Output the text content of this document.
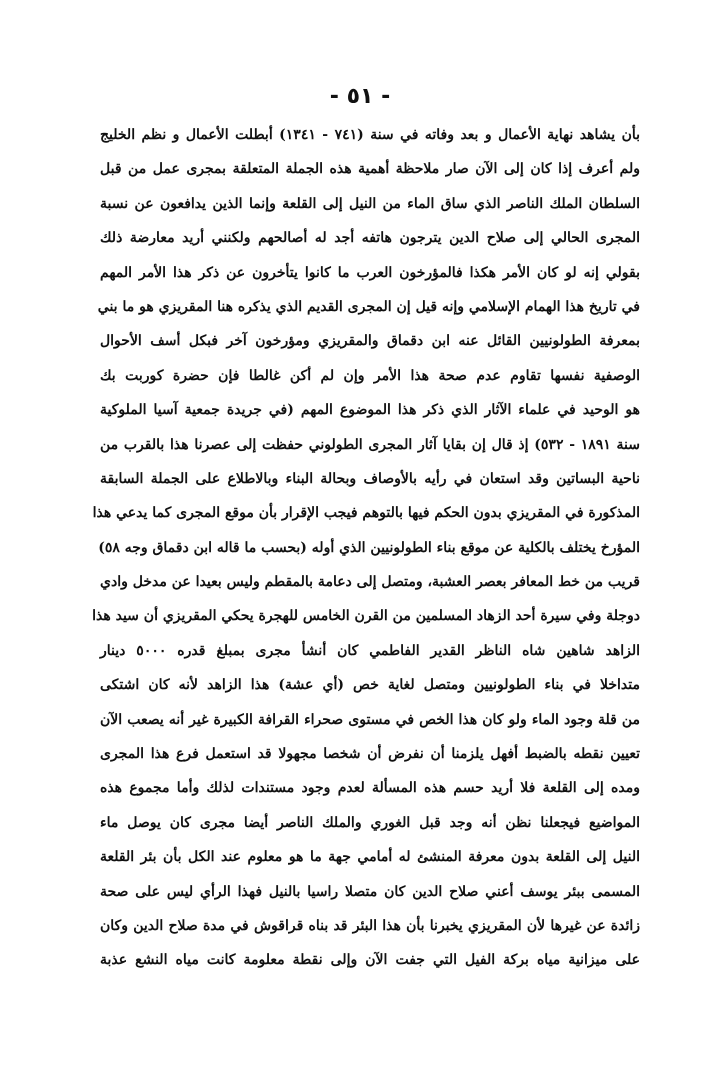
- ٥١ -
بأن يشاهد نهاية الأعمال و بعد وفاته في سنة (٧٤١ - ١٣٤١) أبطلت الأعمال و نظم الخليج
ولم أعرف إذا كان إلى الآن صار ملاحظة أهمية هذه الجملة المتعلقة بمجرى عمل من قبل
السلطان الملك الناصر الذي ساق الماء من النيل إلى القلعة وإنما الذين يدافعون عن نسبة
المجرى الحالي إلى صلاح الدين يترجون هاتفه أجد له أصالحهم ولكنني أريد معارضة ذلك
بقولي إنه لو كان الأمر هكذا فالمؤرخون العرب ما كانوا يتأخرون عن ذكر هذا الأمر المهم
في تاريخ هذا الهمام الإسلامي وإنه قيل إن المجرى القديم الذي يذكره هنا المقريزي هو ما بني
بمعرفة الطولونيين القائل عنه ابن دقماق والمقريزي ومؤرخون آخر فبكل أسف الأحوال
الوصفية نفسها تقاوم عدم صحة هذا الأمر وإن لم أكن غالطا فإن حضرة كوربت بك
هو الوحيد في علماء الآثار الذي ذكر هذا الموضوع المهم (في جريدة جمعية آسيا الملوكية
سنة ١٨٩١ - ٥٣٢) إذ قال إن بقايا آثار المجرى الطولوني حفظت إلى عصرنا هذا بالقرب من
ناحية البساتين وقد استعان في رأيه بالأوصاف وبحالة البناء وبالاطلاع على الجملة السابقة
المذكورة في المقريزي بدون الحكم فيها بالتوهم فيجب الإقرار بأن موقع المجرى كما يدعي هذا
المؤرخ يختلف بالكلية عن موقع بناء الطولونيين الذي أوله (بحسب ما قاله ابن دقماق وجه ٥٨)
قريب من خط المعافر بعصر العشبة، ومتصل إلى دعامة بالمقطم وليس بعيدا عن مدخل وادي
دوجلة وفي سيرة أحد الزهاد المسلمين من القرن الخامس للهجرة يحكي المقريزي أن سيد هذا
الزاهد شاهين شاه الناظر القدير الفاطمي كان أنشأ مجرى بمبلغ قدره ٥٠٠٠ دينار
متداخلا في بناء الطولونيين ومتصل لغاية خص (أي عشة) هذا الزاهد لأنه كان اشتكى
من قلة وجود الماء ولو كان هذا الخص في مستوى صحراء القرافة الكبيرة غير أنه يصعب الآن
تعيين نقطه بالضبط أفهل يلزمنا أن نفرض أن شخصا مجهولا قد استعمل فرع هذا المجرى
ومده إلى القلعة فلا أريد حسم هذه المسألة لعدم وجود مستندات لذلك وأما مجموع هذه
المواضيع فيجعلنا نظن أنه وجد قبل الغوري والملك الناصر أيضا مجرى كان يوصل ماء
النيل إلى القلعة بدون معرفة المنشئ له أمامي جهة ما هو معلوم عند الكل بأن بئر القلعة
المسمى ببئر يوسف أعني صلاح الدين كان متصلا راسيا بالنيل فهذا الرأي ليس على صحة
زائدة عن غيرها لأن المقريزي يخبرنا بأن هذا البئر قد بناه قراقوش في مدة صلاح الدين وكان
على ميزانية مياه بركة الفيل التي جفت الآن وإلى نقطة معلومة كانت مياه النشع عذبة
